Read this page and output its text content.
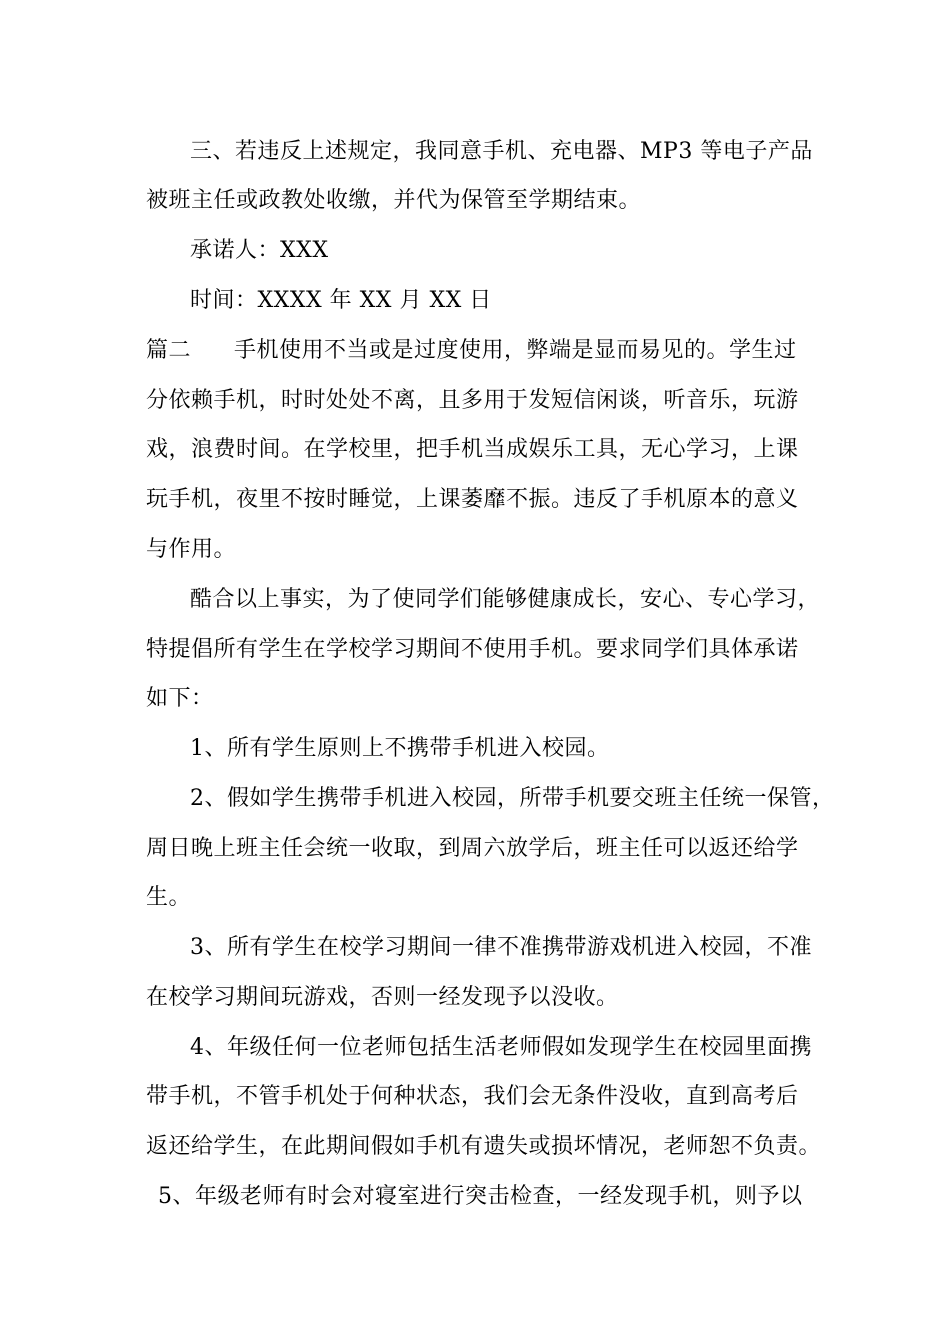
三、若违反上述规定，我同意手机、充电器、MP3 等电子产品
被班主任或政教处收缴，并代为保管至学期结束。
承诺人：XXX
时间：XXXX 年 XX 月 XX 日
篇二 手机使用不当或是过度使用，弊端是显而易见的。学生过
分依赖手机，时时处处不离，且多用于发短信闲谈，听音乐，玩游
戏，浪费时间。在学校里，把手机当成娱乐工具，无心学习，上课
玩手机，夜里不按时睡觉，上课萎靡不振。违反了手机原本的意义
与作用。
酷合以上事实，为了使同学们能够健康成长，安心、专心学习，
特提倡所有学生在学校学习期间不使用手机。要求同学们具体承诺
如下：
1、所有学生原则上不携带手机进入校园。
2、假如学生携带手机进入校园，所带手机要交班主任统一保管，
周日晚上班主任会统一收取，到周六放学后，班主任可以返还给学
生。
3、所有学生在校学习期间一律不准携带游戏机进入校园，不准
在校学习期间玩游戏，否则一经发现予以没收。
4、年级任何一位老师包括生活老师假如发现学生在校园里面携
带手机，不管手机处于何种状态，我们会无条件没收，直到高考后
返还给学生，在此期间假如手机有遗失或损坏情况，老师恕不负责。
5、年级老师有时会对寝室进行突击检查，一经发现手机，则予以
